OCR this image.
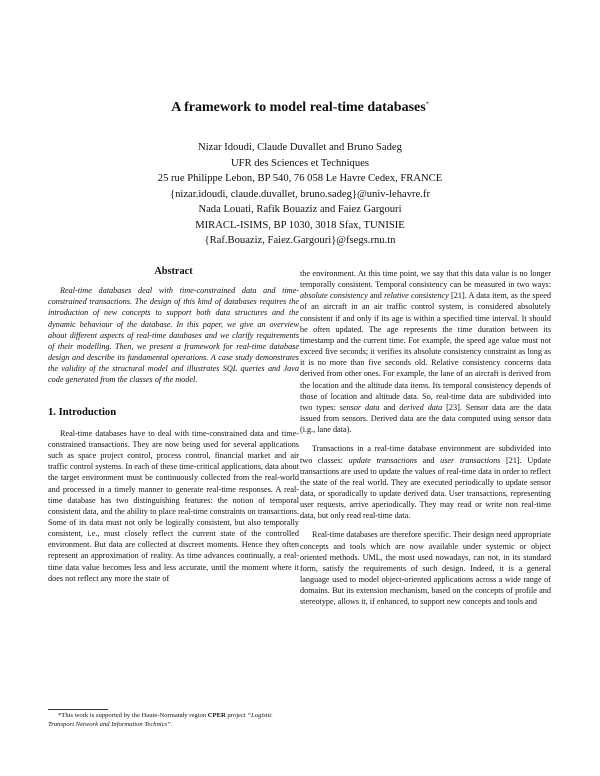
A framework to model real-time databases*
Nizar Idoudi, Claude Duvallet and Bruno Sadeg
UFR des Sciences et Techniques
25 rue Philippe Lebon, BP 540, 76 058 Le Havre Cedex, FRANCE
{nizar.idoudi, claude.duvallet, bruno.sadeg}@univ-lehavre.fr
Nada Louati, Rafik Bouaziz and Faiez Gargouri
MIRACL-ISIMS, BP 1030, 3018 Sfax, TUNISIE
{Raf.Bouaziz, Faiez.Gargouri}@fsegs.rnu.tn
Abstract

Real-time databases deal with time-constrained data and time-constrained transactions. The design of this kind of databases requires the introduction of new concepts to support both data structures and the dynamic behaviour of the database. In this paper, we give an overview about different aspects of real-time databases and we clarify requirements of their modelling. Then, we present a framework for real-time database design and describe its fundamental operations. A case study demonstrates the validity of the structural model and illustrates SQL queries and Java code generated from the classes of the model.

1. Introduction

Real-time databases have to deal with time-constrained data and time-constrained transactions. They are now being used for several applications such as space project control, process control, financial market and air traffic control systems. In each of these time-critical applications, data about the target environment must be continuously collected from the real-world and processed in a timely manner to generate real-time responses. A real-time database has two distinguishing features: the notion of temporal consistent data, and the ability to place real-time constraints on transactions. Some of its data must not only be logically consistent, but also temporally consistent, i.e., must closely reflect the current state of the controlled environment. But data are collected at discreet moments. Hence they often represent an approximation of reality. As time advances continually, a real-time data value becomes less and less accurate, until the moment where it does not reflect any more the state of

the environment. At this time point, we say that this data value is no longer temporally consistent. Temporal consistency can be measured in two ways: absolute consistency and relative consistency [21]. A data item, as the speed of an aircraft in an air traffic control system, is considered absolutely consistent if and only if its age is within a specified time interval. It should be often updated. The age represents the time duration between its timestamp and the current time. For example, the speed age value must not exceed five seconds; it verifies its absolute consistency constraint as long as it is no more than five seconds old. Relative consistency concerns data derived from other ones. For example, the lane of an aircraft is derived from the location and the altitude data items. Its temporal consistency depends of those of location and altitude data. So, real-time data are subdivided into two types: sensor data and derived data [23]. Sensor data are the data issued from sensors. Derived data are the data computed using sensor data (i.g., lane data).

Transactions in a real-time database environment are subdivided into two classes: update transactions and user transactions [21]. Update transactions are used to update the values of real-time data in order to reflect the state of the real world. They are executed periodically to update sensor data, or sporadically to update derived data. User transactions, representing user requests, arrive aperiodically. They may read or write non real-time data, but only read real-time data.

Real-time databases are therefore specific. Their design need appropriate concepts and tools which are now available under systemic or object oriented methods. UML, the most used nowadays, can not, in its standard form, satisfy the requirements of such design. Indeed, it is a general language used to model object-oriented applications across a wide range of domains. But its extension mechanism, based on the concepts of profile and stereotype, allows it, if enhanced, to support new concepts and tools and

*This work is supported by the Haute-Normandy region CPER project “Logistic Transport Network and Information Technics”.
